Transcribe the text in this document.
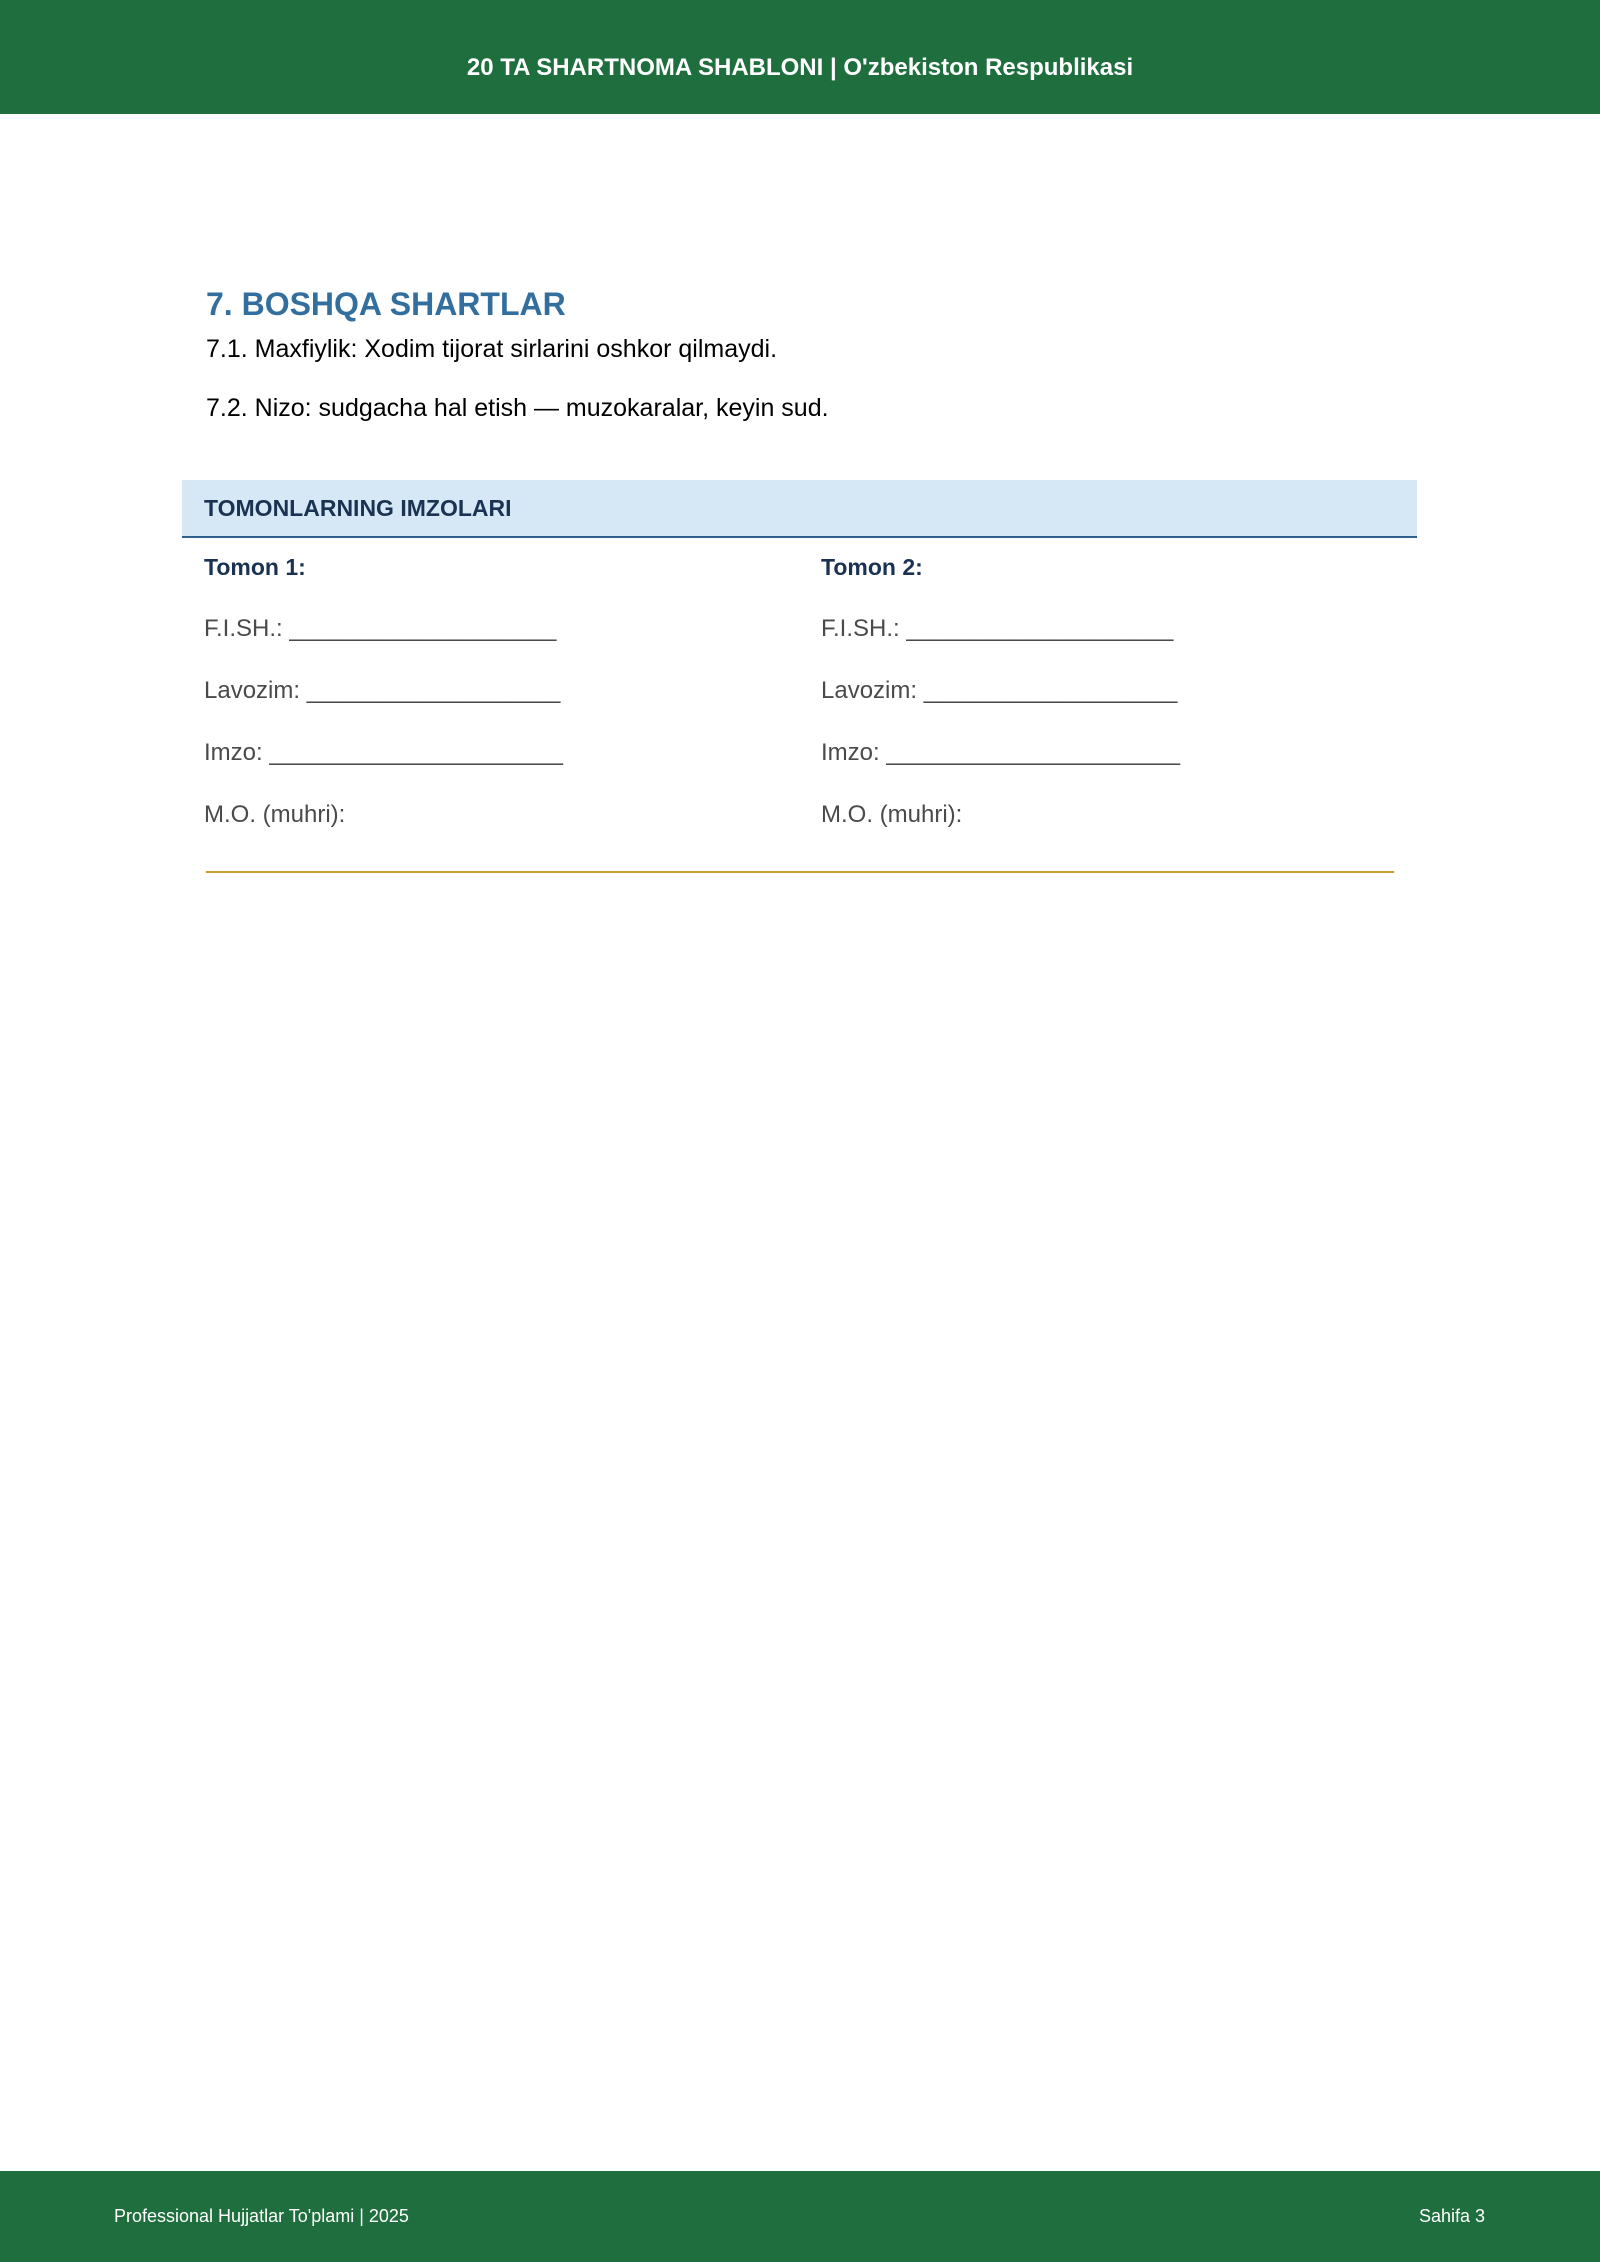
20 TA SHARTNOMA SHABLONI | O'zbekiston Respublikasi
7. BOSHQA SHARTLAR

7.1. Maxfiylik: Xodim tijorat sirlarini oshkor qilmaydi.

7.2. Nizo: sudgacha hal etish — muzokaralar, keyin sud.

TOMONLARNING IMZOLARI
Tomon 1:
F.I.SH.: ____________________
Lavozim: ___________________
Imzo: ______________________
M.O. (muhri):
Tomon 2:
F.I.SH.: ____________________
Lavozim: ___________________
Imzo: ______________________
M.O. (muhri):
Professional Hujjatlar To'plami | 2025	Sahifa 3
